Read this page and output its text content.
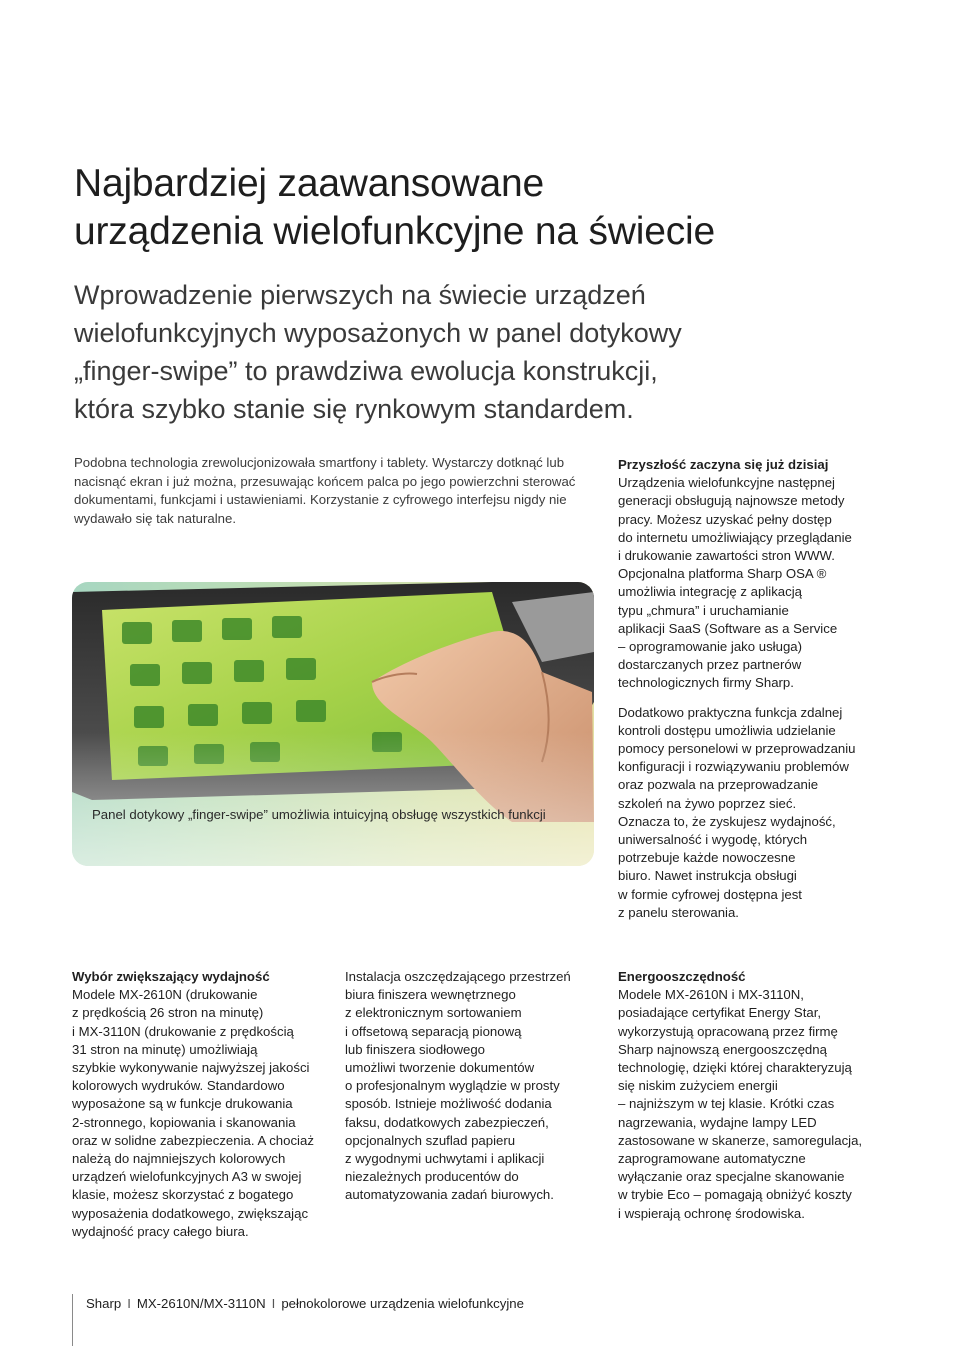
Najbardziej zaawansowane
urządzenia wielofunkcyjne na świecie

Wprowadzenie pierwszych na świecie urządzeń
wielofunkcyjnych wyposażonych w panel dotykowy
„finger-swipe” to prawdziwa ewolucja konstrukcji,
która szybko stanie się rynkowym standardem.

Podobna technologia zrewolucjonizowała smartfony i tablety. Wystarczy dotknąć lub nacisnąć ekran i już można, przesuwając końcem palca po jego powierzchni sterować dokumentami, funkcjami i ustawieniami. Korzystanie z cyfrowego interfejsu nigdy nie wydawało się tak naturalne.

Panel dotykowy „finger-swipe” umożliwia intuicyjną obsługę wszystkich funkcji

Przyszłość zaczyna się już dzisiaj
Urządzenia wielofunkcyjne następnej
generacji obsługują najnowsze metody
pracy. Możesz uzyskać pełny dostęp
do internetu umożliwiający przeglądanie
i drukowanie zawartości stron WWW.
Opcjonalna platforma Sharp OSA ®
umożliwia integrację z aplikacją
typu „chmura” i uruchamianie
aplikacji SaaS (Software as a Service
– oprogramowanie jako usługa)
dostarczanych przez partnerów
technologicznych firmy Sharp.

Dodatkowo praktyczna funkcja zdalnej
kontroli dostępu umożliwia udzielanie
pomocy personelowi w przeprowadzaniu
konfiguracji i rozwiązywaniu problemów
oraz pozwala na przeprowadzanie
szkoleń na żywo poprzez sieć.
Oznacza to, że zyskujesz wydajność,
uniwersalność i wygodę, których
potrzebuje każde nowoczesne
biuro. Nawet instrukcja obsługi
w formie cyfrowej dostępna jest
z panelu sterowania.

Wybór zwiększający wydajność
Modele MX-2610N (drukowanie
z prędkością 26 stron na minutę)
i MX-3110N (drukowanie z prędkością
31 stron na minutę) umożliwiają
szybkie wykonywanie najwyższej jakości
kolorowych wydruków. Standardowo
wyposażone są w funkcje drukowania
2-stronnego, kopiowania i skanowania
oraz w solidne zabezpieczenia. A chociaż
należą do najmniejszych kolorowych
urządzeń wielofunkcyjnych A3 w swojej
klasie, możesz skorzystać z bogatego
wyposażenia dodatkowego, zwiększając
wydajność pracy całego biura.

Instalacja oszczędzającego przestrzeń
biura finiszera wewnętrznego
z elektronicznym sortowaniem
i offsetową separacją pionową
lub finiszera siodłowego
umożliwi tworzenie dokumentów
o profesjonalnym wyglądzie w prosty
sposób. Istnieje możliwość dodania
faksu, dodatkowych zabezpieczeń,
opcjonalnych szuflad papieru
z wygodnymi uchwytami i aplikacji
niezależnych producentów do
automatyzowania zadań biurowych.

Energooszczędność
Modele MX-2610N i MX-3110N,
posiadające certyfikat Energy Star,
wykorzystują opracowaną przez firmę
Sharp najnowszą energooszczędną
technologię, dzięki której charakteryzują
się niskim zużyciem energii
– najniższym w tej klasie. Krótki czas
nagrzewania, wydajne lampy LED
zastosowane w skanerze, samoregulacja,
zaprogramowane automatyczne
wyłączanie oraz specjalne skanowanie
w trybie Eco – pomagają obniżyć koszty
i wspierają ochronę środowiska.

Sharp I MX-2610N/MX-3110N I pełnokolorowe urządzenia wielofunkcyjne
